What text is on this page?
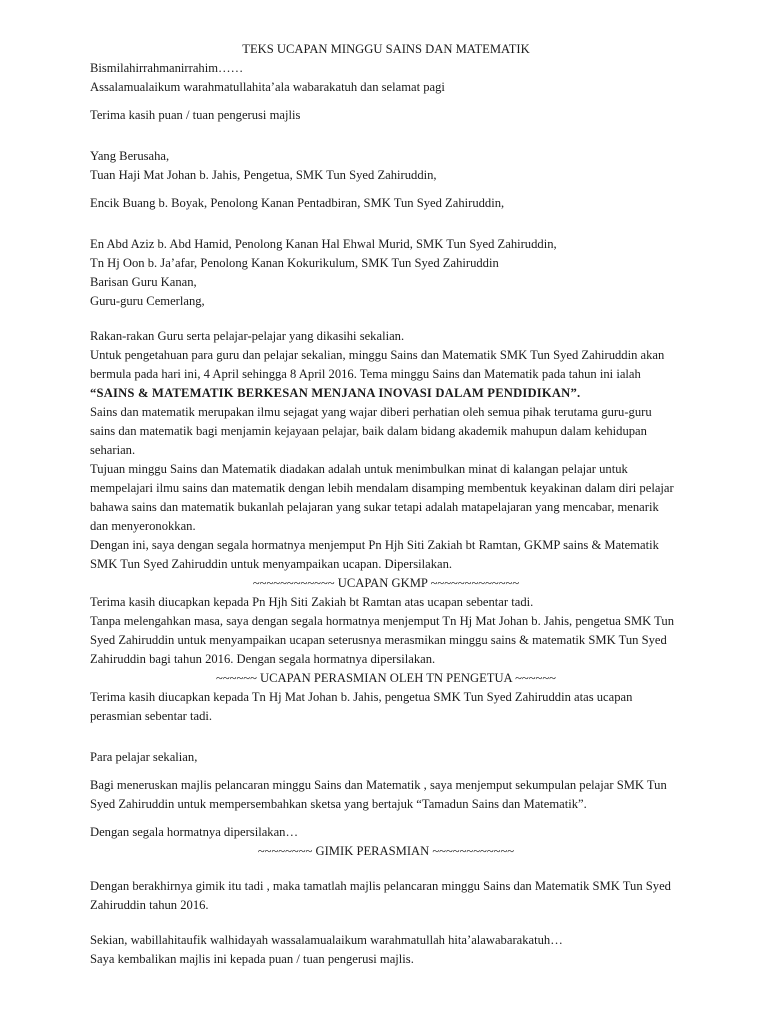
TEKS UCAPAN MINGGU SAINS DAN MATEMATIK
Bismilahirrahmanirrahim……
Assalamualaikum warahmatullahita’ala wabarakatuh dan selamat pagi
Terima kasih puan / tuan pengerusi majlis
Yang Berusaha,
Tuan Haji Mat Johan b. Jahis, Pengetua, SMK Tun Syed Zahiruddin,
Encik Buang b. Boyak, Penolong Kanan Pentadbiran, SMK Tun Syed Zahiruddin,
En Abd Aziz b. Abd Hamid, Penolong Kanan Hal Ehwal Murid, SMK Tun Syed Zahiruddin,
Tn Hj Oon b. Ja’afar, Penolong Kanan Kokurikulum, SMK Tun Syed Zahiruddin
Barisan Guru Kanan,
Guru-guru Cemerlang,
Rakan-rakan Guru serta pelajar-pelajar yang dikasihi sekalian.
Untuk pengetahuan para guru dan pelajar sekalian, minggu Sains dan Matematik SMK Tun Syed Zahiruddin akan
bermula pada hari ini, 4 April sehingga 8 April 2016. Tema minggu Sains dan Matematik pada tahun ini ialah
“SAINS & MATEMATIK BERKESAN MENJANA INOVASI DALAM PENDIDIKAN”.
Sains dan matematik merupakan ilmu sejagat yang wajar diberi perhatian oleh semua pihak terutama guru-guru
sains dan matematik bagi menjamin kejayaan pelajar, baik dalam bidang akademik mahupun dalam kehidupan
seharian.
Tujuan minggu Sains dan Matematik diadakan adalah untuk menimbulkan minat di kalangan pelajar untuk
mempelajari ilmu sains dan matematik dengan lebih mendalam disamping membentuk keyakinan dalam diri pelajar
bahawa sains dan matematik bukanlah pelajaran yang sukar tetapi adalah matapelajaran yang mencabar, menarik
dan menyeronokkan.
Dengan ini, saya dengan segala hormatnya menjemput Pn Hjh Siti Zakiah bt Ramtan, GKMP sains & Matematik
SMK Tun Syed Zahiruddin untuk menyampaikan ucapan. Dipersilakan.
~~~~~~~~~~~~ UCAPAN GKMP ~~~~~~~~~~~~~
Terima kasih diucapkan kepada Pn Hjh Siti Zakiah bt Ramtan atas ucapan sebentar tadi.
Tanpa melengahkan masa, saya dengan segala hormatnya menjemput Tn Hj Mat Johan b. Jahis, pengetua SMK Tun
Syed Zahiruddin untuk menyampaikan ucapan seterusnya merasmikan minggu sains & matematik SMK Tun Syed
Zahiruddin bagi tahun 2016. Dengan segala hormatnya dipersilakan.
~~~~~~ UCAPAN PERASMIAN OLEH TN PENGETUA ~~~~~~
Terima kasih diucapkan kepada Tn Hj Mat Johan b. Jahis, pengetua SMK Tun Syed Zahiruddin atas ucapan
perasmian sebentar tadi.
Para pelajar sekalian,
Bagi meneruskan majlis pelancaran minggu Sains dan Matematik , saya menjemput sekumpulan pelajar SMK Tun
Syed Zahiruddin untuk mempersembahkan sketsa yang bertajuk “Tamadun Sains dan Matematik”.
Dengan segala hormatnya dipersilakan…
~~~~~~~~ GIMIK PERASMIAN ~~~~~~~~~~~~
Dengan berakhirnya gimik itu tadi , maka tamatlah majlis pelancaran minggu Sains dan Matematik SMK Tun Syed
Zahiruddin tahun 2016.
Sekian, wabillahitaufik walhidayah wassalamualaikum warahmatullah hita’alawabarakatuh…
Saya kembalikan majlis ini kepada puan / tuan pengerusi majlis.
